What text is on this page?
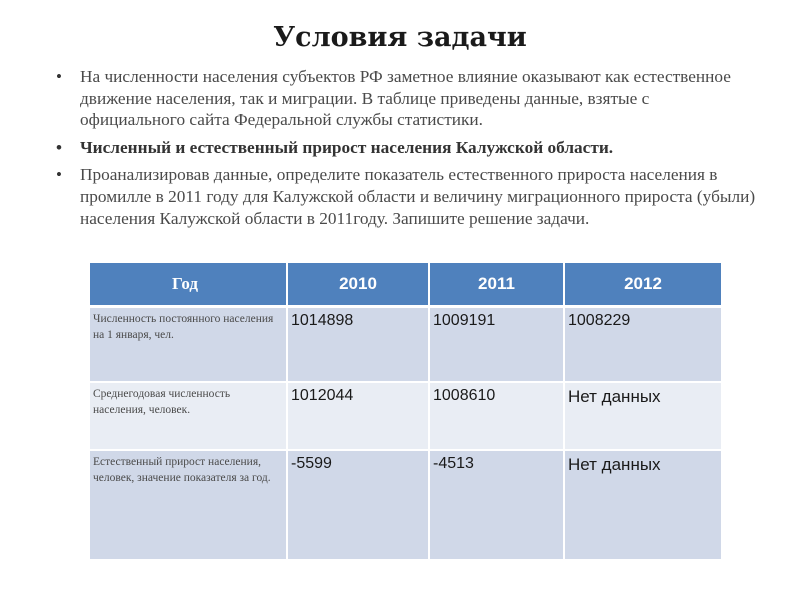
Условия задачи
• На численности населения субъектов РФ заметное влияние оказывают как естественное движение населения, так и миграции. В таблице приведены данные, взятые с официального сайта Федеральной службы статистики.
• Численный и естественный прирост населения Калужской области.
• Проанализировав данные, определите показатель естественного прироста населения в промилле в 2011 году для Калужской области и величину миграционного прироста (убыли) населения Калужской области в 2011году. Запишите решение задачи.
Год	2010	2011	2012
Численность постоянного населения на 1 января, чел.	1014898	1009191	1008229
Среднегодовая численность населения, человек.	1012044	1008610	Нет данных
Естественный прирост населения, человек, значение показателя за год.	-5599	-4513	Нет данных
